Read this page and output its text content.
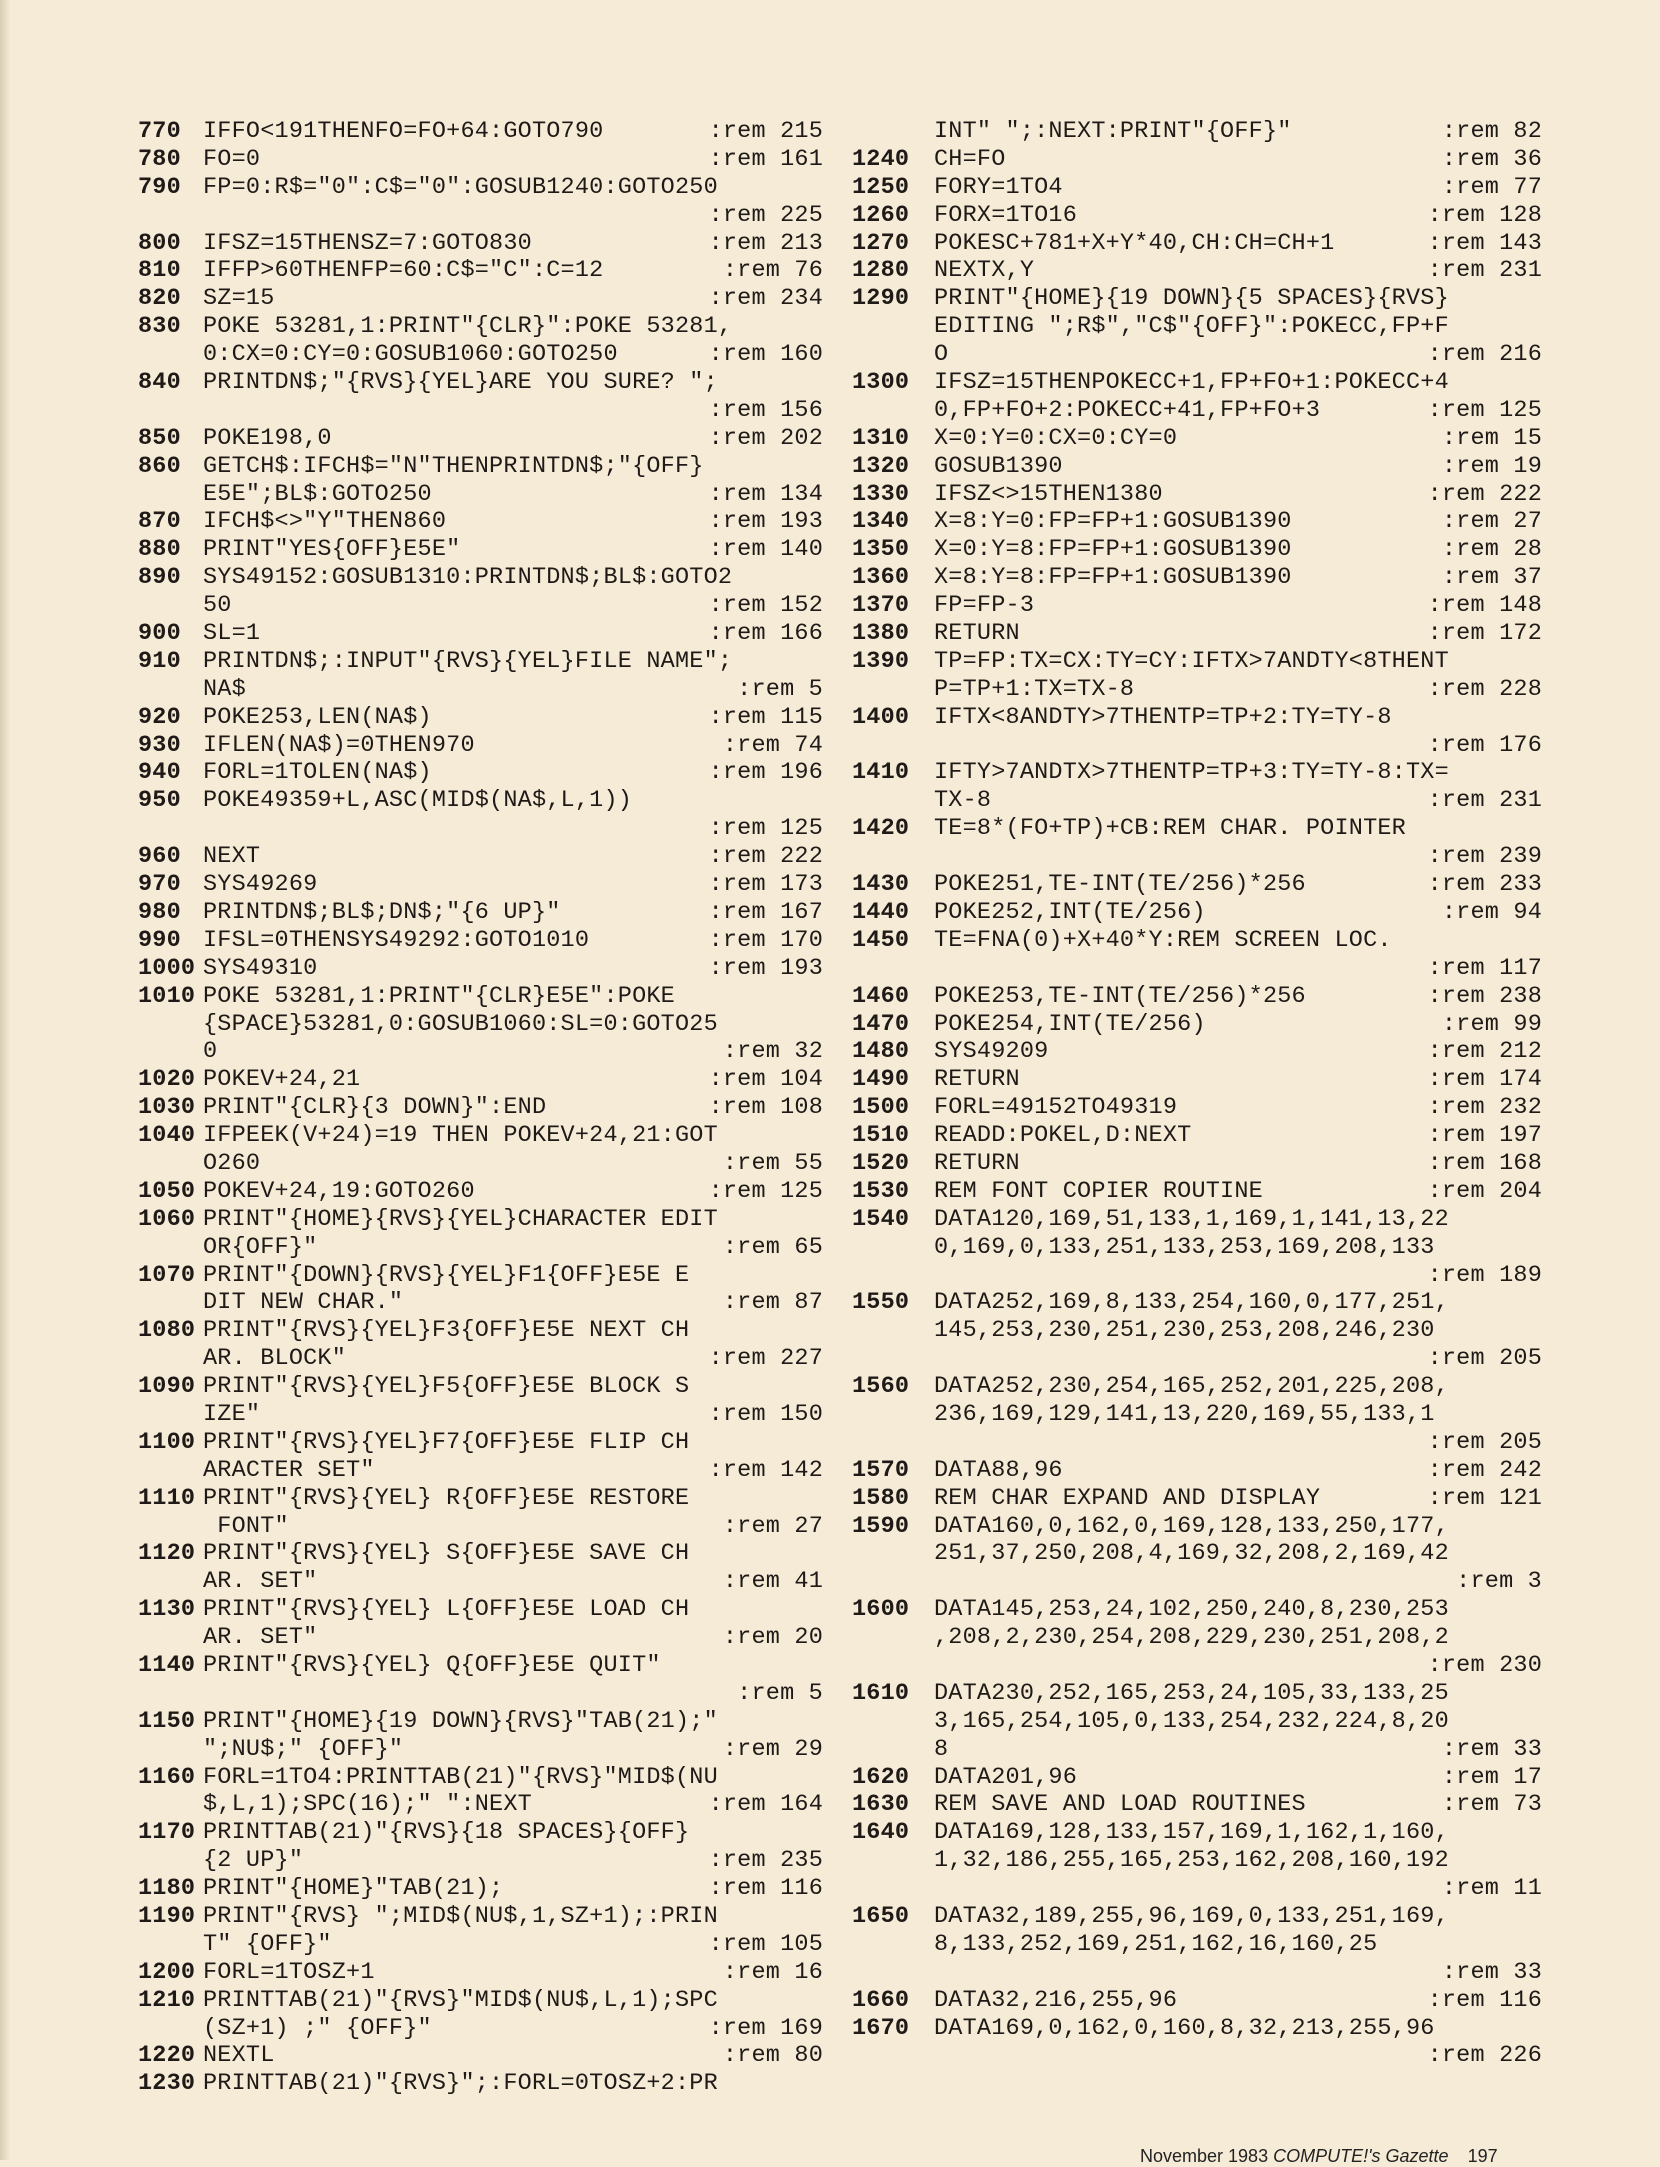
770 IFFO<191THENFO=FO+64:GOTO790	:rem 215
780 FO=0	:rem 161
790 FP=0:R$="0":C$="0":GOSUB1240:GOTO250
:rem 225
800 IFSZ=15THENSZ=7:GOTO830	:rem 213
810 IFFP>60THENFP=60:C$="C":C=12	:rem 76
820 SZ=15	:rem 234
830 POKE 53281,1:PRINT"{CLR}":POKE 53281,
0:CX=0:CY=0:GOSUB1060:GOTO250	:rem 160
840 PRINTDN$;"{RVS}{YEL}ARE YOU SURE? ";
:rem 156
850 POKE198,0	:rem 202
860 GETCH$:IFCH$="N"THENPRINTDN$;"{OFF}
E5E";BL$:GOTO250	:rem 134
870 IFCH$<>"Y"THEN860	:rem 193
880 PRINT"YES{OFF}E5E"	:rem 140
890 SYS49152:GOSUB1310:PRINTDN$;BL$:GOTO2
50	:rem 152
900 SL=1	:rem 166
910 PRINTDN$;:INPUT"{RVS}{YEL}FILE NAME";
NA$	:rem 5
920 POKE253,LEN(NA$)	:rem 115
930 IFLEN(NA$)=0THEN970	:rem 74
940 FORL=1TOLEN(NA$)	:rem 196
950 POKE49359+L,ASC(MID$(NA$,L,1))
:rem 125
960 NEXT	:rem 222
970 SYS49269	:rem 173
980 PRINTDN$;BL$;DN$;"{6 UP}"	:rem 167
990 IFSL=0THENSYS49292:GOTO1010	:rem 170
1000 SYS49310	:rem 193
1010 POKE 53281,1:PRINT"{CLR}E5E":POKE
{SPACE}53281,0:GOSUB1060:SL=0:GOTO25
0	:rem 32
1020 POKEV+24,21	:rem 104
1030 PRINT"{CLR}{3 DOWN}":END	:rem 108
1040 IFPEEK(V+24)=19 THEN POKEV+24,21:GOT
O260	:rem 55
1050 POKEV+24,19:GOTO260	:rem 125
1060 PRINT"{HOME}{RVS}{YEL}CHARACTER EDIT
OR{OFF}"	:rem 65
1070 PRINT"{DOWN}{RVS}{YEL}F1{OFF}E5E E
DIT NEW CHAR."	:rem 87
1080 PRINT"{RVS}{YEL}F3{OFF}E5E NEXT CH
AR. BLOCK"	:rem 227
1090 PRINT"{RVS}{YEL}F5{OFF}E5E BLOCK S
IZE"	:rem 150
1100 PRINT"{RVS}{YEL}F7{OFF}E5E FLIP CH
ARACTER SET"	:rem 142
1110 PRINT"{RVS}{YEL} R{OFF}E5E RESTORE
FONT"	:rem 27
1120 PRINT"{RVS}{YEL} S{OFF}E5E SAVE CH
AR. SET"	:rem 41
1130 PRINT"{RVS}{YEL} L{OFF}E5E LOAD CH
AR. SET"	:rem 20
1140 PRINT"{RVS}{YEL} Q{OFF}E5E QUIT"
:rem 5
1150 PRINT"{HOME}{19 DOWN}{RVS}"TAB(21);"
";NU$;" {OFF}"	:rem 29
1160 FORL=1TO4:PRINTTAB(21)"{RVS}"MID$(NU
$,L,1);SPC(16);" ":NEXT	:rem 164
1170 PRINTTAB(21)"{RVS}{18 SPACES}{OFF}
{2 UP}"	:rem 235
1180 PRINT"{HOME}"TAB(21);	:rem 116
1190 PRINT"{RVS} ";MID$(NU$,1,SZ+1);:PRIN
T" {OFF}"	:rem 105
1200 FORL=1TOSZ+1	:rem 16
1210 PRINTTAB(21)"{RVS}"MID$(NU$,L,1);SPC
(SZ+1) ;" {OFF}"	:rem 169
1220 NEXTL	:rem 80
1230 PRINTTAB(21)"{RVS}";:FORL=0TOSZ+2:PR
INT" ";:NEXT:PRINT"{OFF}"	:rem 82
1240 CH=FO	:rem 36
1250 FORY=1TO4	:rem 77
1260 FORX=1TO16	:rem 128
1270 POKESC+781+X+Y*40,CH:CH=CH+1	:rem 143
1280 NEXTX,Y	:rem 231
1290 PRINT"{HOME}{19 DOWN}{5 SPACES}{RVS}
EDITING ";R$","C$"{OFF}":POKECC,FP+F
O	:rem 216
1300 IFSZ=15THENPOKECC+1,FP+FO+1:POKECC+4
0,FP+FO+2:POKECC+41,FP+FO+3	:rem 125
1310 X=0:Y=0:CX=0:CY=0	:rem 15
1320 GOSUB1390	:rem 19
1330 IFSZ<>15THEN1380	:rem 222
1340 X=8:Y=0:FP=FP+1:GOSUB1390	:rem 27
1350 X=0:Y=8:FP=FP+1:GOSUB1390	:rem 28
1360 X=8:Y=8:FP=FP+1:GOSUB1390	:rem 37
1370 FP=FP-3	:rem 148
1380 RETURN	:rem 172
1390 TP=FP:TX=CX:TY=CY:IFTX>7ANDTY<8THENT
P=TP+1:TX=TX-8	:rem 228
1400 IFTX<8ANDTY>7THENTP=TP+2:TY=TY-8
:rem 176
1410 IFTY>7ANDTX>7THENTP=TP+3:TY=TY-8:TX=
TX-8	:rem 231
1420 TE=8*(FO+TP)+CB:REM CHAR. POINTER
:rem 239
1430 POKE251,TE-INT(TE/256)*256	:rem 233
1440 POKE252,INT(TE/256)	:rem 94
1450 TE=FNA(0)+X+40*Y:REM SCREEN LOC.
:rem 117
1460 POKE253,TE-INT(TE/256)*256	:rem 238
1470 POKE254,INT(TE/256)	:rem 99
1480 SYS49209	:rem 212
1490 RETURN	:rem 174
1500 FORL=49152TO49319	:rem 232
1510 READD:POKEL,D:NEXT	:rem 197
1520 RETURN	:rem 168
1530 REM FONT COPIER ROUTINE	:rem 204
1540 DATA120,169,51,133,1,169,1,141,13,22
0,169,0,133,251,133,253,169,208,133
:rem 189
1550 DATA252,169,8,133,254,160,0,177,251,
145,253,230,251,230,253,208,246,230
:rem 205
1560 DATA252,230,254,165,252,201,225,208,
236,169,129,141,13,220,169,55,133,1
:rem 205
1570 DATA88,96	:rem 242
1580 REM CHAR EXPAND AND DISPLAY	:rem 121
1590 DATA160,0,162,0,169,128,133,250,177,
251,37,250,208,4,169,32,208,2,169,42
:rem 3
1600 DATA145,253,24,102,250,240,8,230,253
,208,2,230,254,208,229,230,251,208,2
:rem 230
1610 DATA230,252,165,253,24,105,33,133,25
3,165,254,105,0,133,254,232,224,8,20
8	:rem 33
1620 DATA201,96	:rem 17
1630 REM SAVE AND LOAD ROUTINES	:rem 73
1640 DATA169,128,133,157,169,1,162,1,160,
1,32,186,255,165,253,162,208,160,192
:rem 11
1650 DATA32,189,255,96,169,0,133,251,169,
8,133,252,169,251,162,16,160,25
:rem 33
1660 DATA32,216,255,96	:rem 116
1670 DATA169,0,162,0,160,8,32,213,255,96
:rem 226
November 1983 COMPUTE!'s Gazette 197
